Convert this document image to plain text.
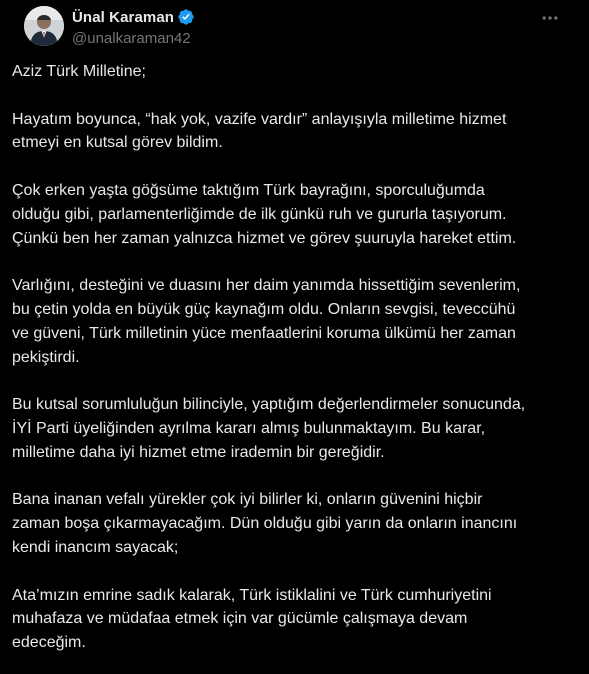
Ünal Karaman
@unalkaraman42

Aziz Türk Milletine;

Hayatım boyunca, “hak yok, vazife vardır” anlayışıyla milletime hizmet
etmeyi en kutsal görev bildim.

Çok erken yaşta göğsüme taktığım Türk bayrağını, sporculuğumda
olduğu gibi, parlamenterliğimde de ilk günkü ruh ve gururla taşıyorum.
Çünkü ben her zaman yalnızca hizmet ve görev şuuruyla hareket ettim.

Varlığını, desteğini ve duasını her daim yanımda hissettiğim sevenlerim,
bu çetin yolda en büyük güç kaynağım oldu. Onların sevgisi, teveccühü
ve güveni, Türk milletinin yüce menfaatlerini koruma ülkümü her zaman
pekiştirdi.

Bu kutsal sorumluluğun bilinciyle, yaptığım değerlendirmeler sonucunda,
İYİ Parti üyeliğinden ayrılma kararı almış bulunmaktayım. Bu karar,
milletime daha iyi hizmet etme irademin bir gereğidir.

Bana inanan vefalı yürekler çok iyi bilirler ki, onların güvenini hiçbir
zaman boşa çıkarmayacağım. Dün olduğu gibi yarın da onların inancını
kendi inancım sayacak;

Ata’mızın emrine sadık kalarak, Türk istiklalini ve Türk cumhuriyetini
muhafaza ve müdafaa etmek için var gücümle çalışmaya devam
edeceğim.
